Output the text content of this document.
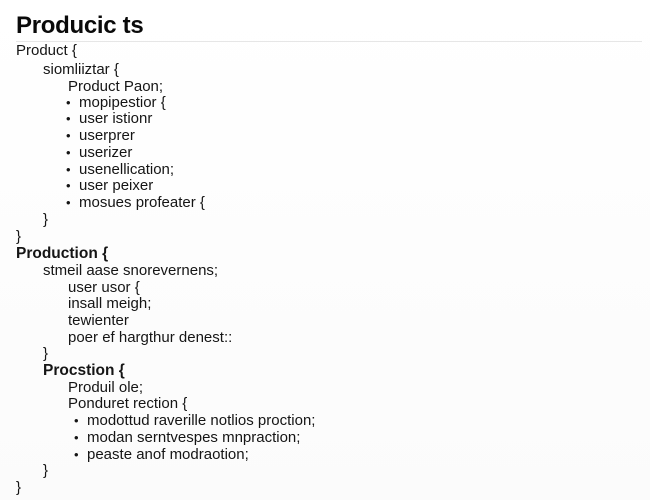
Producic ts
Product {
siomliiztar {
Product Paon;
• mopipestior {
• user istionr
• userprer
• userizer
• usenellication;
• user peixer
• mosues profeater {
}
}
Production {
stmeil aase snorevernens;
user usor {
insall meigh;
tewienter
poer ef hargthur denest::
}
Procstion {
Produil ole;
Ponduret rection {
• modottud raverille notlios proction;
• modan serntvespes mnpraction;
• peaste anof modraotion;
}
}
